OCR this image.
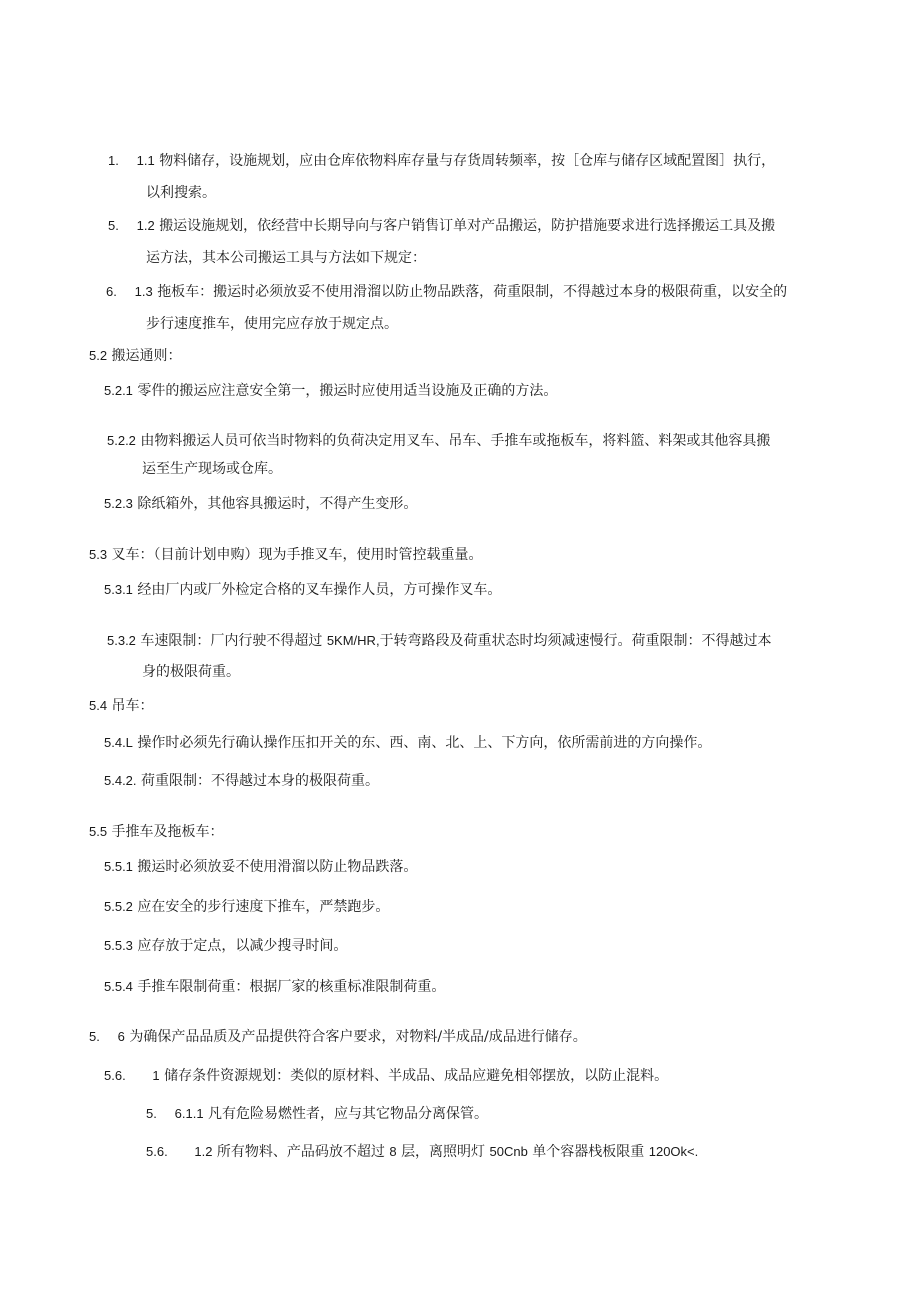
1. 1.1 物料储存，设施规划，应由仓库依物料库存量与存货周转频率，按［仓库与储存区域配置图］执行，
以利搜索。
5. 1.2 搬运设施规划，依经营中长期导向与客户销售订单对产品搬运，防护措施要求进行选择搬运工具及搬
运方法，其本公司搬运工具与方法如下规定：
6. 1.3 拖板车：搬运时必须放妥不使用滑溜以防止物品跌落，荷重限制，不得越过本身的极限荷重，以安全的
步行速度推车，使用完应存放于规定点。
5.2 搬运通则：
5.2.1 零件的搬运应注意安全第一，搬运时应使用适当设施及正确的方法。
5.2.2 由物料搬运人员可依当时物料的负荷决定用叉车、吊车、手推车或拖板车，将料篮、料架或其他容具搬
运至生产现场或仓库。
5.2.3 除纸箱外，其他容具搬运时，不得产生变形。
5.3 叉车：（目前计划申购）现为手推叉车，使用时管控载重量。
5.3.1 经由厂内或厂外检定合格的叉车操作人员，方可操作叉车。
5.3.2 车速限制：厂内行驶不得超过 5KM/HR,于转弯路段及荷重状态时均须减速慢行。荷重限制：不得越过本
身的极限荷重。
5.4 吊车：
5.4.L 操作时必须先行确认操作压扣开关的东、西、南、北、上、下方向，依所需前进的方向操作。
5.4.2. 荷重限制：不得越过本身的极限荷重。
5.5 手推车及拖板车：
5.5.1 搬运时必须放妥不使用滑溜以防止物品跌落。
5.5.2 应在安全的步行速度下推车，严禁跑步。
5.5.3 应存放于定点，以减少搜寻时间。
5.5.4 手推车限制荷重：根据厂家的核重标准限制荷重。
5. 6 为确保产品品质及产品提供符合客户要求，对物料/半成品/成品进行储存。
5.6. 1 储存条件资源规划：类似的原材料、半成品、成品应避免相邻摆放，以防止混料。
5. 6.1.1 凡有危险易燃性者，应与其它物品分离保管。
5.6. 1.2 所有物料、产品码放不超过 8 层，离照明灯 50Cnb 单个容器栈板限重 120Ok<.
